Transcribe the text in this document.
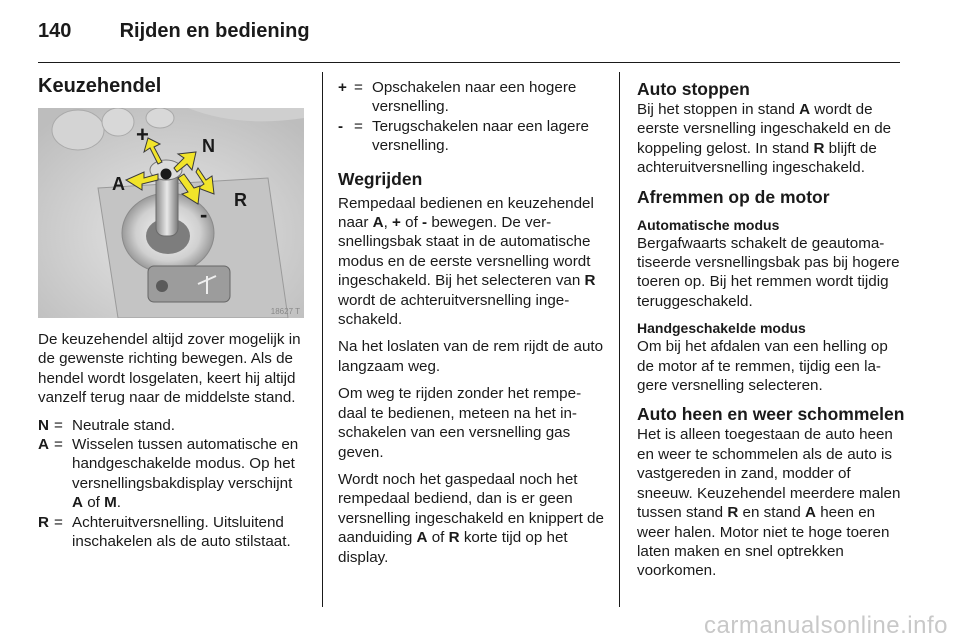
140 Rijden en bediening
Keuzehendel
+	N
A
R
-
18627 T

De keuzehendel altijd zover mogelijk in de gewenste richting bewegen. Als de hendel wordt losgelaten, keert hij altijd vanzelf terug naar de middelste stand.

N = Neutrale stand.
A = Wisselen tussen automatische en handgeschakelde modus. Op het versnellingsbakdisplay verschijnt A of M.
R = Achteruitversnelling. Uitsluitend inschakelen als de auto stilstaat.
+ = Opschakelen naar een hogere versnelling.
- = Terugschakelen naar een lagere versnelling.
Wegrijden

Rempedaal bedienen en keuzehendel naar A, + of - bewegen. De versnellingsbak staat in de automatische modus en de eerste versnelling wordt ingeschakeld. Bij het selecteren van R wordt de achteruitversnelling ingeschakeld.

Na het loslaten van de rem rijdt de auto langzaam weg.

Om weg te rijden zonder het rempedaal te bedienen, meteen na het inschakelen van een versnelling gas geven.

Wordt noch het gaspedaal noch het rempedaal bediend, dan is er geen versnelling ingeschakeld en knippert de aanduiding A of R korte tijd op het display.

Auto stoppen

Bij het stoppen in stand A wordt de eerste versnelling ingeschakeld en de koppeling gelost. In stand R blijft de achteruitversnelling ingeschakeld.

Afremmen op de motor
Automatische modus

Bergafwaarts schakelt de geautomatiseerde versnellingsbak pas bij hogere toeren op. Bij het remmen wordt tijdig teruggeschakeld.

Handgeschakelde modus

Om bij het afdalen van een helling op de motor af te remmen, tijdig een lagere versnelling selecteren.

Auto heen en weer schommelen

Het is alleen toegestaan de auto heen en weer te schommelen als de auto is vastgereden in zand, modder of sneeuw. Keuzehendel meerdere malen tussen stand R en stand A heen en weer halen. Motor niet te hoge toeren laten maken en snel optrekken voorkomen.

carmanualsonline.info
